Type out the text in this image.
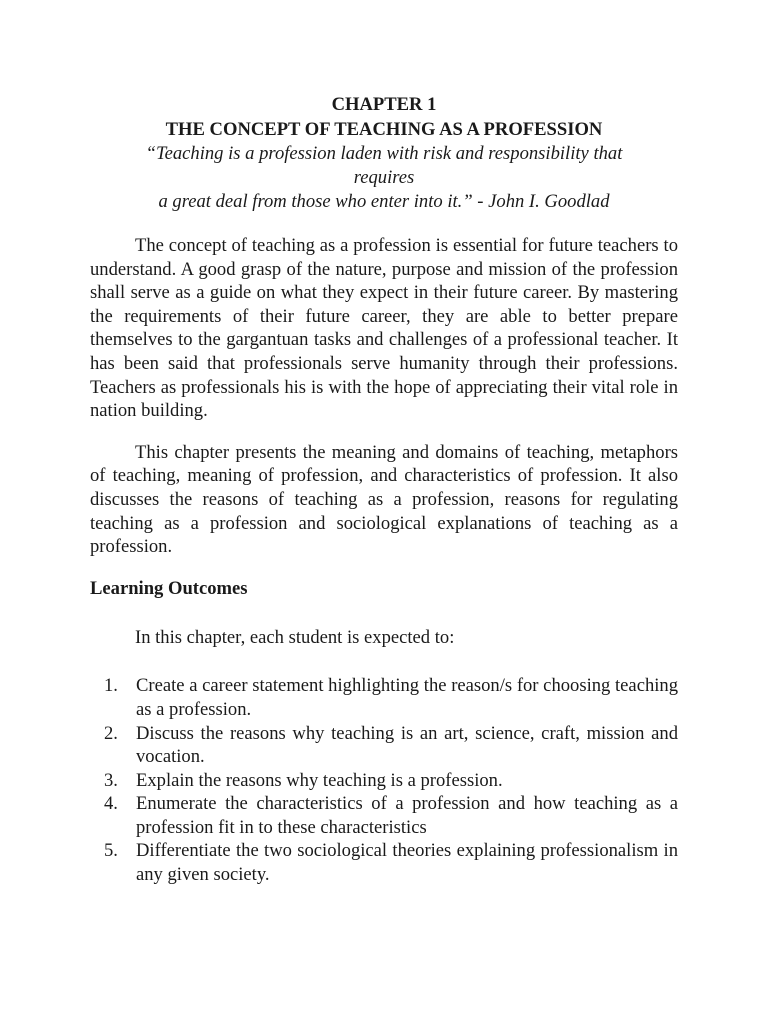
CHAPTER 1
THE CONCEPT OF TEACHING AS A PROFESSION

“Teaching is a profession laden with risk and responsibility that

requires

a great deal from those who enter into it.” - John I. Goodlad

The concept of teaching as a profession is essential for future teachers to understand. A good grasp of the nature, purpose and mission of the profession shall serve as a guide on what they expect in their future career. By mastering the requirements of their future career, they are able to better prepare themselves to the gargantuan tasks and challenges of a professional teacher. It has been said that professionals serve humanity through their professions. Teachers as professionals his is with the hope of appreciating their vital role in nation building.

This chapter presents the meaning and domains of teaching, metaphors of teaching, meaning of profession, and characteristics of profession. It also discusses the reasons of teaching as a profession, reasons for regulating teaching as a profession and sociological explanations of teaching as a profession.

Learning Outcomes

In this chapter, each student is expected to:

1. Create a career statement highlighting the reason/s for choosing teaching as a profession.
2. Discuss the reasons why teaching is an art, science, craft, mission and vocation.
3. Explain the reasons why teaching is a profession.
4. Enumerate the characteristics of a profession and how teaching as a profession fit in to these characteristics
5. Differentiate the two sociological theories explaining professionalism in any given society.
